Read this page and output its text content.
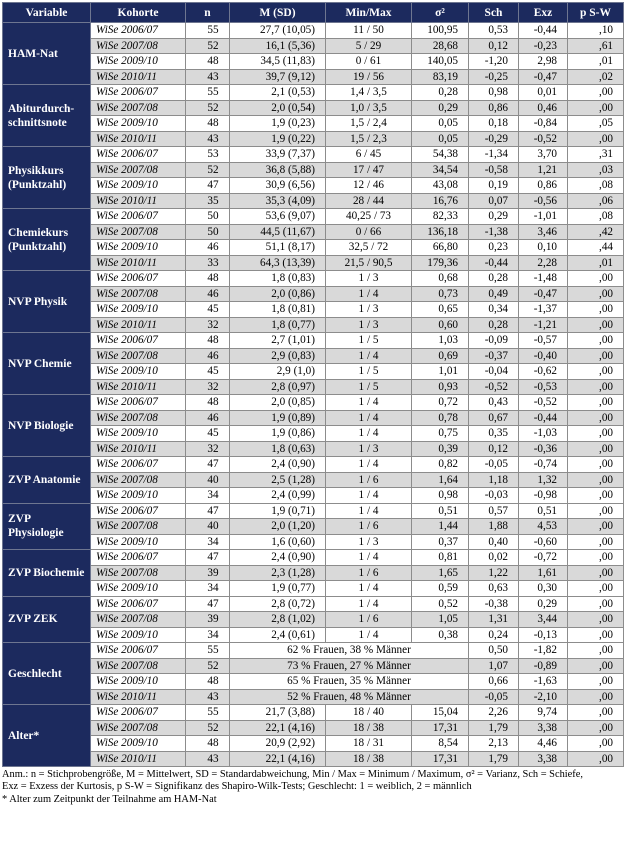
Variable	Kohorte	n	M (SD)	Min/Max	σ²	Sch	Exz	p S-W
HAM-Nat	WiSe 2006/07	55	27,7 (10,05)	11 / 50	100,95	0,53	-0,44	,10
	WiSe 2007/08	52	16,1 (5,36)	5 / 29	28,68	0,12	-0,23	,61
	WiSe 2009/10	48	34,5 (11,83)	0 / 61	140,05	-1,20	2,98	,01
	WiSe 2010/11	43	39,7 (9,12)	19 / 56	83,19	-0,25	-0,47	,02
Abiturdurch-schnittsnote	WiSe 2006/07	55	2,1 (0,53)	1,4 / 3,5	0,28	0,98	0,01	,00
	WiSe 2007/08	52	2,0 (0,54)	1,0 / 3,5	0,29	0,86	0,46	,00
	WiSe 2009/10	48	1,9 (0,23)	1,5 / 2,4	0,05	0,18	-0,84	,05
	WiSe 2010/11	43	1,9 (0,22)	1,5 / 2,3	0,05	-0,29	-0,52	,00
Physikkurs (Punktzahl)	WiSe 2006/07	53	33,9 (7,37)	6 / 45	54,38	-1,34	3,70	,31
	WiSe 2007/08	52	36,8 (5,88)	17 / 47	34,54	-0,58	1,21	,03
	WiSe 2009/10	47	30,9 (6,56)	12 / 46	43,08	0,19	0,86	,08
	WiSe 2010/11	35	35,3 (4,09)	28 / 44	16,76	0,07	-0,56	,06
Chemiekurs (Punktzahl)	WiSe 2006/07	50	53,6 (9,07)	40,25 / 73	82,33	0,29	-1,01	,08
	WiSe 2007/08	50	44,5 (11,67)	0 / 66	136,18	-1,38	3,46	,42
	WiSe 2009/10	46	51,1 (8,17)	32,5 / 72	66,80	0,23	0,10	,44
	WiSe 2010/11	33	64,3 (13,39)	21,5 / 90,5	179,36	-0,44	2,28	,01
NVP Physik	WiSe 2006/07	48	1,8 (0,83)	1 / 3	0,68	0,28	-1,48	,00
	WiSe 2007/08	46	2,0 (0,86)	1 / 4	0,73	0,49	-0,47	,00
	WiSe 2009/10	45	1,8 (0,81)	1 / 3	0,65	0,34	-1,37	,00
	WiSe 2010/11	32	1,8 (0,77)	1 / 3	0,60	0,28	-1,21	,00
NVP Chemie	WiSe 2006/07	48	2,7 (1,01)	1 / 5	1,03	-0,09	-0,57	,00
	WiSe 2007/08	46	2,9 (0,83)	1 / 4	0,69	-0,37	-0,40	,00
	WiSe 2009/10	45	2,9 (1,0)	1 / 5	1,01	-0,04	-0,62	,00
	WiSe 2010/11	32	2,8 (0,97)	1 / 5	0,93	-0,52	-0,53	,00
NVP Biologie	WiSe 2006/07	48	2,0 (0,85)	1 / 4	0,72	0,43	-0,52	,00
	WiSe 2007/08	46	1,9 (0,89)	1 / 4	0,78	0,67	-0,44	,00
	WiSe 2009/10	45	1,9 (0,86)	1 / 4	0,75	0,35	-1,03	,00
	WiSe 2010/11	32	1,8 (0,63)	1 / 3	0,39	0,12	-0,36	,00
ZVP Anatomie	WiSe 2006/07	47	2,4 (0,90)	1 / 4	0,82	-0,05	-0,74	,00
	WiSe 2007/08	40	2,5 (1,28)	1 / 6	1,64	1,18	1,32	,00
	WiSe 2009/10	34	2,4 (0,99)	1 / 4	0,98	-0,03	-0,98	,00
ZVP Physiologie	WiSe 2006/07	47	1,9 (0,71)	1 / 4	0,51	0,57	0,51	,00
	WiSe 2007/08	40	2,0 (1,20)	1 / 6	1,44	1,88	4,53	,00
	WiSe 2009/10	34	1,6 (0,60)	1 / 3	0,37	0,40	-0,60	,00
ZVP Biochemie	WiSe 2006/07	47	2,4 (0,90)	1 / 4	0,81	0,02	-0,72	,00
	WiSe 2007/08	39	2,3 (1,28)	1 / 6	1,65	1,22	1,61	,00
	WiSe 2009/10	34	1,9 (0,77)	1 / 4	0,59	0,63	0,30	,00
ZVP ZEK	WiSe 2006/07	47	2,8 (0,72)	1 / 4	0,52	-0,38	0,29	,00
	WiSe 2007/08	39	2,8 (1,02)	1 / 6	1,05	1,31	3,44	,00
	WiSe 2009/10	34	2,4 (0,61)	1 / 4	0,38	0,24	-0,13	,00
Geschlecht	WiSe 2006/07	55	62 % Frauen, 38 % Männer			0,50	-1,82	,00
	WiSe 2007/08	52	73 % Frauen, 27 % Männer			1,07	-0,89	,00
	WiSe 2009/10	48	65 % Frauen, 35 % Männer			0,66	-1,63	,00
	WiSe 2010/11	43	52 % Frauen, 48 % Männer			-0,05	-2,10	,00
Alter*	WiSe 2006/07	55	21,7 (3,88)	18 / 40	15,04	2,26	9,74	,00
	WiSe 2007/08	52	22,1 (4,16)	18 / 38	17,31	1,79	3,38	,00
	WiSe 2009/10	48	20,9 (2,92)	18 / 31	8,54	2,13	4,46	,00
	WiSe 2010/11	43	22,1 (4,16)	18 / 38	17,31	1,79	3,38	,00
Anm.: n = Stichprobengröße, M = Mittelwert, SD = Standardabweichung, Min / Max = Minimum / Maximum, σ² = Varianz, Sch = Schiefe,
Exz = Exzess der Kurtosis, p S-W = Signifikanz des Shapiro-Wilk-Tests; Geschlecht: 1 = weiblich, 2 = männlich
* Alter zum Zeitpunkt der Teilnahme am HAM-Nat
